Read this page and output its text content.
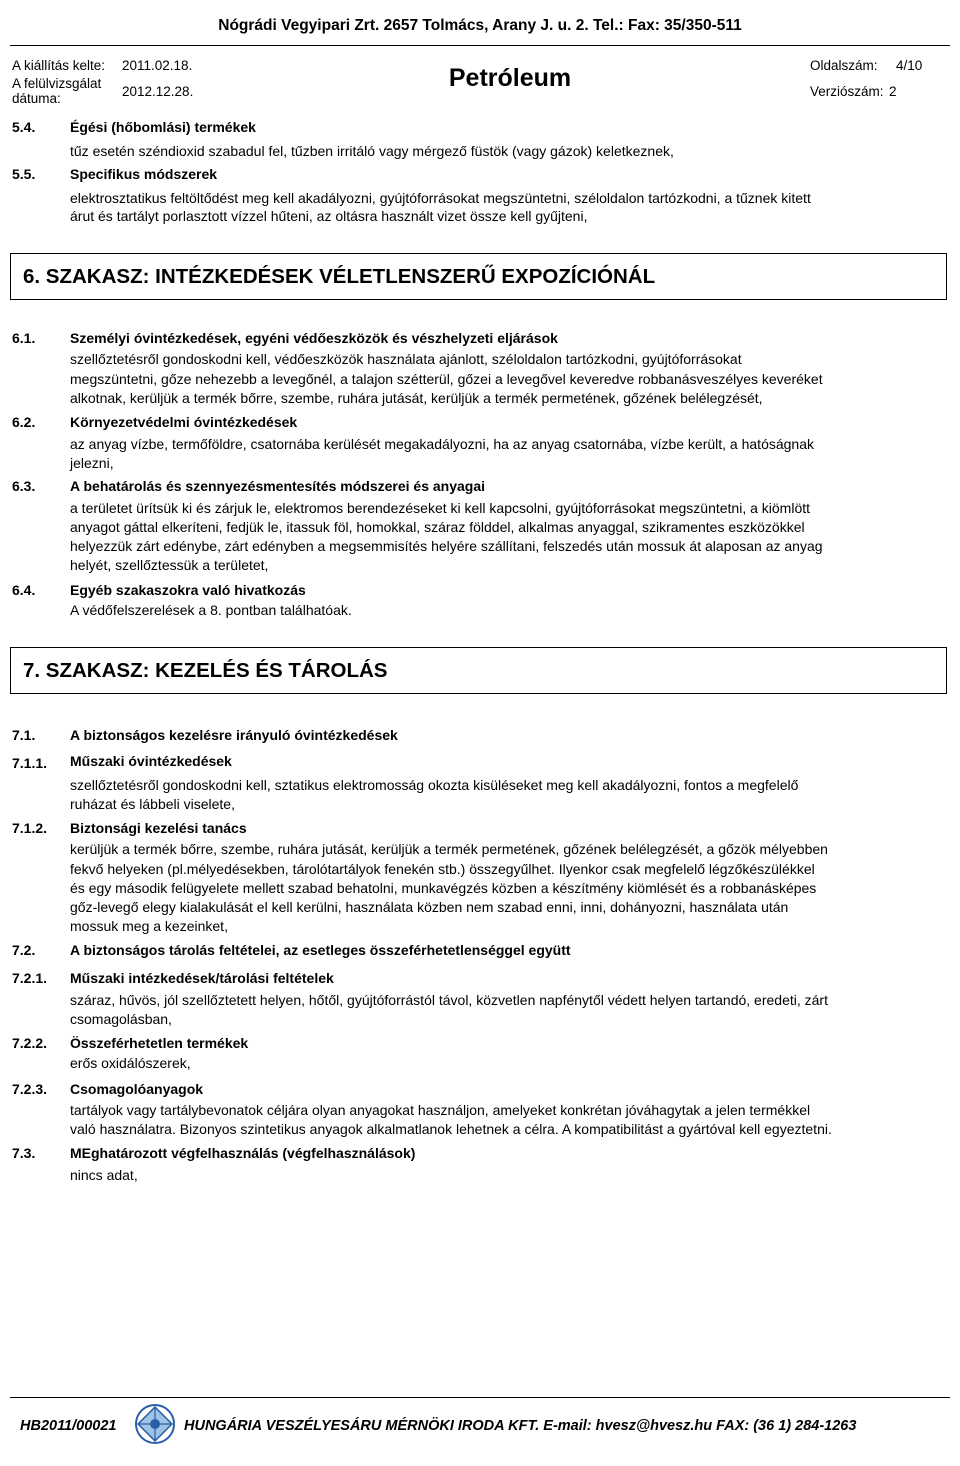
Nógrádi Vegyipari Zrt. 2657 Tolmács, Arany J. u. 2. Tel.: Fax: 35/350-511
A kiállítás kelte: 2011.02.18.
A felülvizsgálat
dátuma:	2012.12.28.	Petróleum	Oldalszám: 4/10
Verziószám: 2
5.4. Égési (hőbomlási) termékek
tűz esetén széndioxid szabadul fel, tűzben irritáló vagy mérgező füstök (vagy gázok) keletkeznek,
5.5. Specifikus módszerek
elektrosztatikus feltöltődést meg kell akadályozni, gyújtóforrásokat megszüntetni, széloldalon tartózkodni, a tűznek kitett
árut és tartályt porlasztott vízzel hűteni, az oltásra használt vizet össze kell gyűjteni,
6. SZAKASZ: INTÉZKEDÉSEK VÉLETLENSZERŰ EXPOZÍCIÓNÁL
6.1. Személyi óvintézkedések, egyéni védőeszközök és vészhelyzeti eljárások
szellőztetésről gondoskodni kell, védőeszközök használata ajánlott, széloldalon tartózkodni, gyújtóforrásokat
megszüntetni, gőze nehezebb a levegőnél, a talajon szétterül, gőzei a levegővel keveredve robbanásveszélyes keveréket
alkotnak, kerüljük a termék bőrre, szembe, ruhára jutását, kerüljük a termék permetének, gőzének belélegzését,
6.2. Környezetvédelmi óvintézkedések
az anyag vízbe, termőföldre, csatornába kerülését megakadályozni, ha az anyag csatornába, vízbe került, a hatóságnak
jelezni,
6.3. A behatárolás és szennyezésmentesítés módszerei és anyagai
a területet ürítsük ki és zárjuk le, elektromos berendezéseket ki kell kapcsolni, gyújtóforrásokat megszüntetni, a kiömlött
anyagot gáttal elkeríteni, fedjük le, itassuk föl, homokkal, száraz földdel, alkalmas anyaggal, szikramentes eszközökkel
helyezzük zárt edénybe, zárt edényben a megsemmisítés helyére szállítani, felszedés után mossuk át alaposan az anyag
helyét, szellőztessük a területet,
6.4. Egyéb szakaszokra való hivatkozás
A védőfelszerelések a 8. pontban találhatóak.
7. SZAKASZ: KEZELÉS ÉS TÁROLÁS
7.1. A biztonságos kezelésre irányuló óvintézkedések
7.1.1. Műszaki óvintézkedések
szellőztetésről gondoskodni kell, sztatikus elektromosság okozta kisüléseket meg kell akadályozni, fontos a megfelelő
ruházat és lábbeli viselete,
7.1.2. Biztonsági kezelési tanács
kerüljük a termék bőrre, szembe, ruhára jutását, kerüljük a termék permetének, gőzének belélegzését, a gőzök mélyebben
fekvő helyeken (pl.mélyedésekben, tárolótartályok fenekén stb.) összegyűlhet. Ilyenkor csak megfelelő légzőkészülékkel
és egy második felügyelete mellett szabad behatolni, munkavégzés közben a készítmény kiömlését és a robbanásképes
gőz-levegő elegy kialakulását el kell kerülni, használata közben nem szabad enni, inni, dohányozni, használata után
mossuk meg a kezeinket,
7.2. A biztonságos tárolás feltételei, az esetleges összeférhetetlenséggel együtt
7.2.1. Műszaki intézkedések/tárolási feltételek
száraz, hűvös, jól szellőztetett helyen, hőtől, gyújtóforrástól távol, közvetlen napfénytől védett helyen tartandó, eredeti, zárt
csomagolásban,
7.2.2. Összeférhetetlen termékek
erős oxidálószerek,
7.2.3. Csomagolóanyagok
tartályok vagy tartálybevonatok céljára olyan anyagokat használjon, amelyeket konkrétan jóváhagytak a jelen termékkel
való használatra. Bizonyos szintetikus anyagok alkalmatlanok lehetnek a célra. A kompatibilitást a gyártóval kell egyeztetni.
7.3. MEghatározott végfelhasználás (végfelhasználások)
nincs adat,
HB2011/00021	HUNGÁRIA VESZÉLYESÁRU MÉRNÖKI IRODA KFT. E-mail: hvesz@hvesz.hu FAX: (36 1) 284-1263
